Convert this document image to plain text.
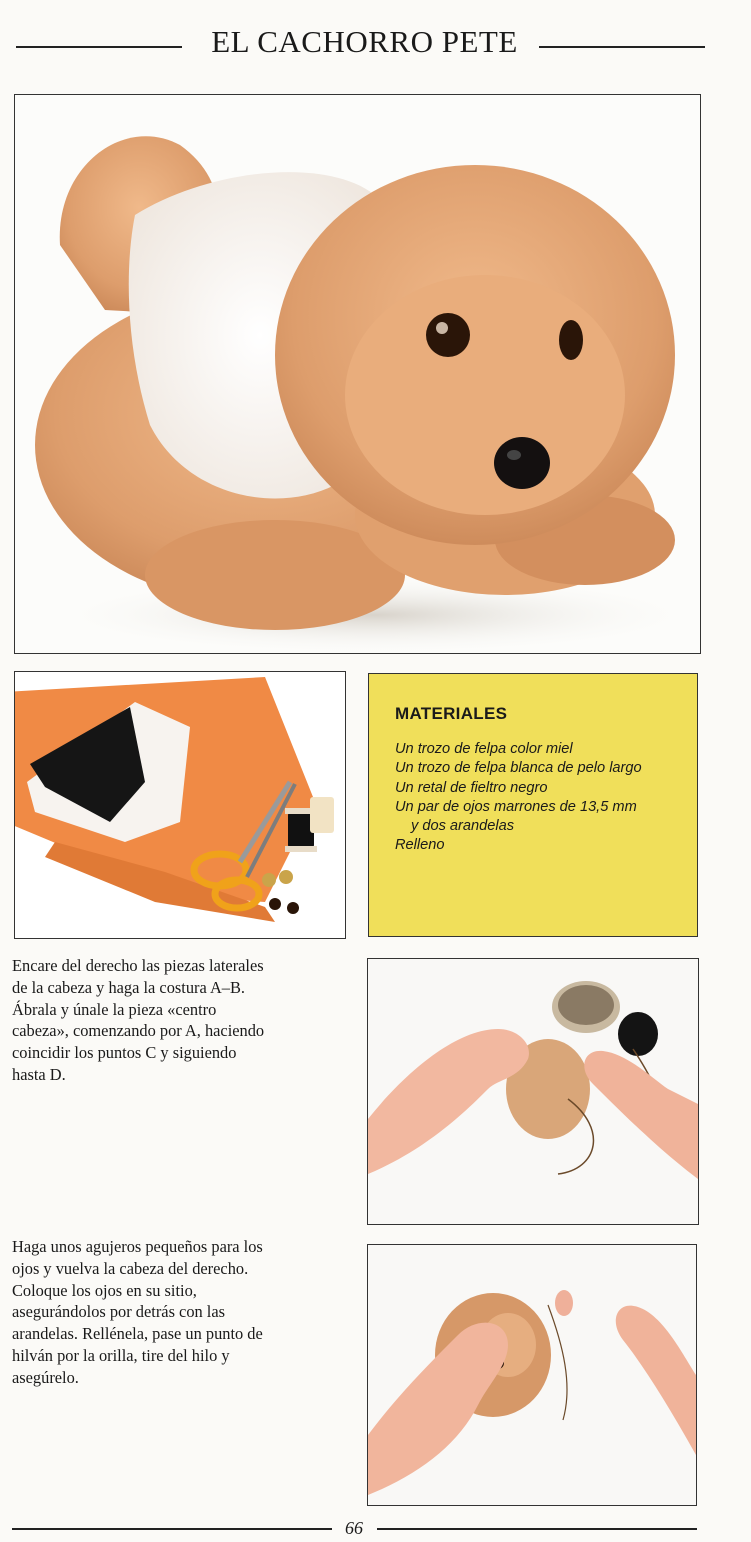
EL CACHORRO PETE
MATERIALES
Un trozo de felpa color miel
Un trozo de felpa blanca de pelo largo
Un retal de fieltro negro
Un par de ojos marrones de 13,5 mm
y dos arandelas
Relleno
Encare del derecho las piezas laterales
de la cabeza y haga la costura A–B.
Ábrala y únale la pieza «centro
cabeza», comenzando por A, haciendo
coincidir los puntos C y siguiendo
hasta D.
Haga unos agujeros pequeños para los
ojos y vuelva la cabeza del derecho.
Coloque los ojos en su sitio,
asegurándolos por detrás con las
arandelas. Rellénela, pase un punto de
hilván por la orilla, tire del hilo y
asegúrelo.
66
